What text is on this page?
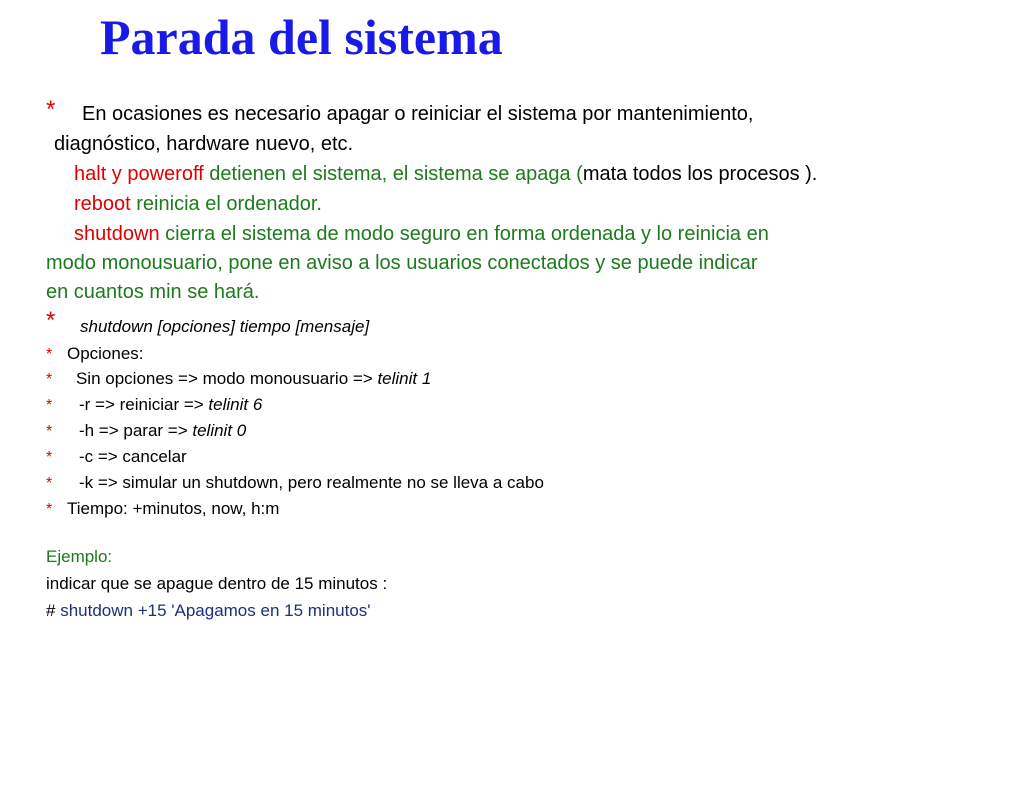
Parada del sistema
* En ocasiones es necesario apagar o reiniciar el sistema por mantenimiento,
diagnóstico, hardware nuevo, etc.
halt y poweroff detienen el sistema, el sistema se apaga (mata todos los procesos ).
reboot reinicia el ordenador.
shutdown cierra el sistema de modo seguro en forma ordenada y lo reinicia en
modo monousuario, pone en aviso a los usuarios conectados y se puede indicar
en cuantos min se hará.
* shutdown [opciones] tiempo [mensaje]
* Opciones:
* Sin opciones => modo monousuario => telinit 1
* -r => reiniciar => telinit 6
* -h => parar => telinit 0
* -c => cancelar
* -k => simular un shutdown, pero realmente no se lleva a cabo
* Tiempo: +minutos, now, h:m
Ejemplo:
indicar que se apague dentro de 15 minutos :
# shutdown +15 'Apagamos en 15 minutos'
